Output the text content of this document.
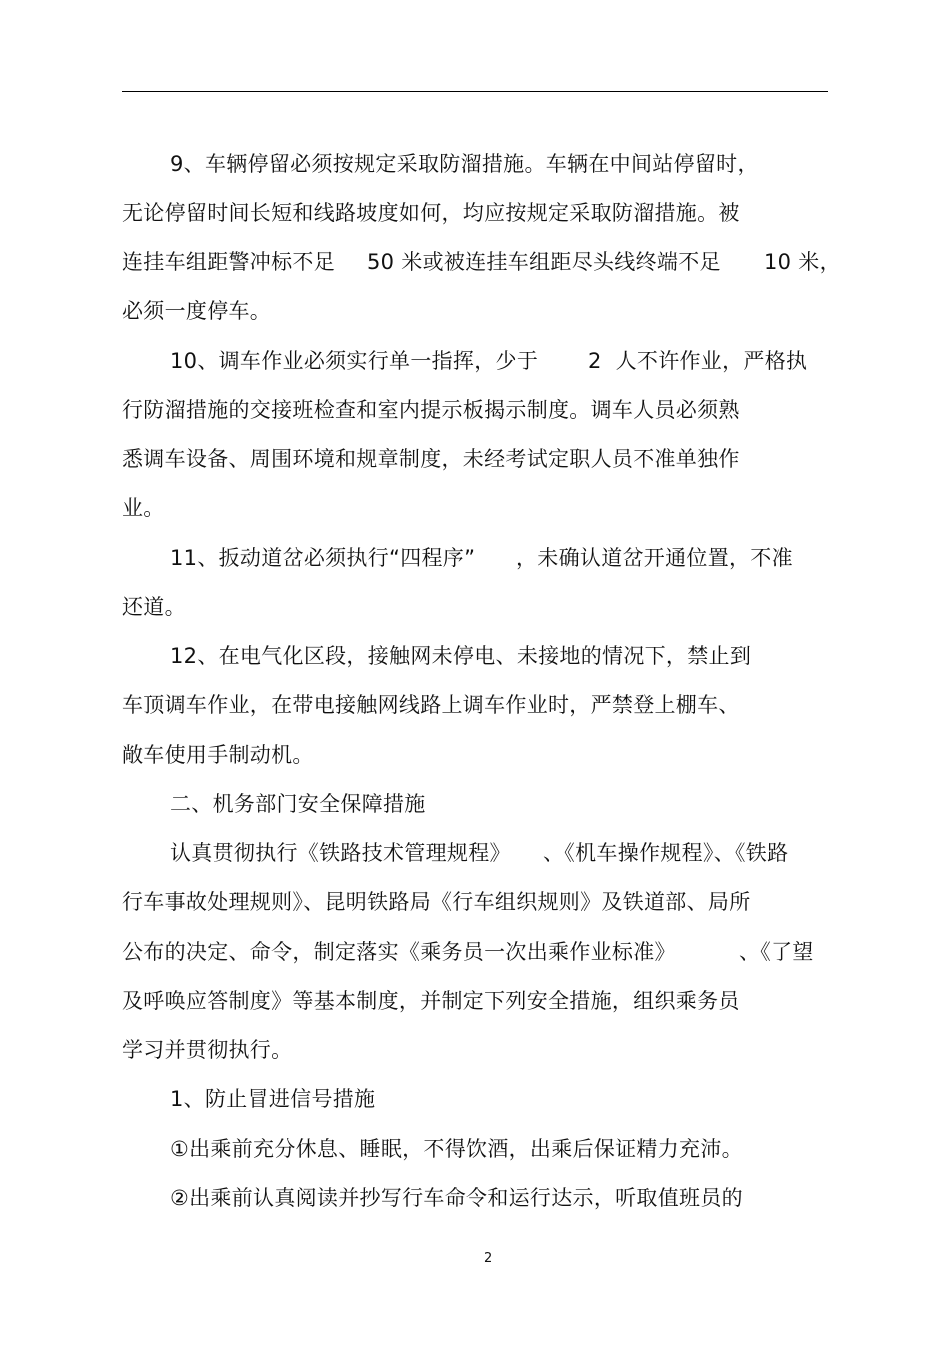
9、车辆停留必须按规定采取防溜措施。车辆在中间站停留时，
无论停留时间长短和线路坡度如何，均应按规定采取防溜措施。被
连挂车组距警冲标不足 50 米或被连挂车组距尽头线终端不足 10 米，
必须一度停车。
10、调车作业必须实行单一指挥，少于 2  人不许作业，严格执
行防溜措施的交接班检查和室内提示板揭示制度。调车人员必须熟
悉调车设备、周围环境和规章制度，未经考试定职人员不准单独作
业。
11、扳动道岔必须执行“四程序” ，未确认道岔开通位置，不准
还道。
12、在电气化区段，接触网未停电、未接地的情况下，禁止到
车顶调车作业，在带电接触网线路上调车作业时，严禁登上棚车、
敞车使用手制动机。
二、机务部门安全保障措施
认真贯彻执行《铁路技术管理规程》 、《机车操作规程》、《铁路
行车事故处理规则》、昆明铁路局《行车组织规则》及铁道部、局所
公布的决定、命令，制定落实《乘务员一次出乘作业标准》	、《了望
及呼唤应答制度》等基本制度，并制定下列安全措施，组织乘务员
学习并贯彻执行。
1、防止冒进信号措施
①出乘前充分休息、睡眠，不得饮酒，出乘后保证精力充沛。
②出乘前认真阅读并抄写行车命令和运行达示，听取值班员的
2
